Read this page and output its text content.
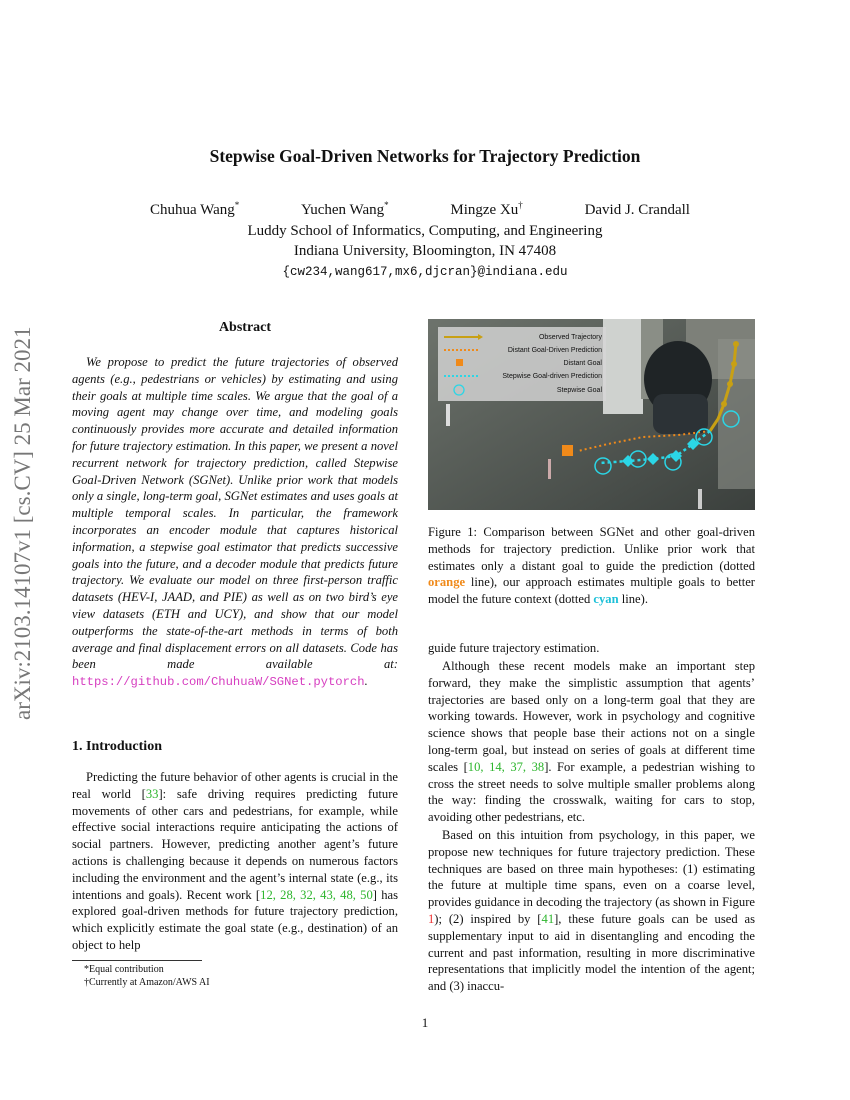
Stepwise Goal-Driven Networks for Trajectory Prediction
Chuhua Wang*	Yuchen Wang*	Mingze Xu†	David J. Crandall
Luddy School of Informatics, Computing, and Engineering
Indiana University, Bloomington, IN 47408
{cw234,wang617,mx6,djcran}@indiana.edu
arXiv:2103.14107v1 [cs.CV] 25 Mar 2021	Abstract
We propose to predict the future trajectories of observed agents (e.g., pedestrians or vehicles) by estimating and using their goals at multiple time scales. We argue that the goal of a moving agent may change over time, and modeling goals continuously provides more accurate and detailed information for future trajectory estimation. In this paper, we present a novel recurrent network for trajectory prediction, called Stepwise Goal-Driven Network (SGNet). Unlike prior work that models only a single, long-term goal, SGNet estimates and uses goals at multiple temporal scales. In particular, the framework incorporates an encoder module that captures historical information, a stepwise goal estimator that predicts successive goals into the future, and a decoder module that predicts future trajectory. We evaluate our model on three first-person traffic datasets (HEV-I, JAAD, and PIE) as well as on two bird’s eye view datasets (ETH and UCY), and show that our model outperforms the state-of-the-art methods in terms of both average and final displacement errors on all datasets. Code has been made available at: https://github.com/ChuhuaW/SGNet.pytorch.
1. Introduction
Predicting the future behavior of other agents is crucial in the real world [33]: safe driving requires predicting future movements of other cars and pedestrians, for example, while effective social interactions require anticipating the actions of social partners. However, predicting another agent’s future actions is challenging because it depends on numerous factors including the environment and the agent’s internal state (e.g., its intentions and goals). Recent work [12, 28, 32, 43, 48, 50] has explored goal-driven methods for future trajectory prediction, which explicitly estimate the goal state (e.g., destination) of an object to help
*Equal contribution
†Currently at Amazon/AWS AI
Observed Trajectory
Distant Goal-Driven Prediction
Distant Goal
Stepwise Goal-driven Prediction
Stepwise Goal
Figure 1: Comparison between SGNet and other goal-driven methods for trajectory prediction. Unlike prior work that estimates only a distant goal to guide the prediction (dotted orange line), our approach estimates multiple goals to better model the future context (dotted cyan line).
guide future trajectory estimation.
Although these recent models make an important step forward, they make the simplistic assumption that agents’ trajectories are based only on a long-term goal that they are working towards. However, work in psychology and cognitive science shows that people base their actions not on a single long-term goal, but instead on series of goals at different time scales [10, 14, 37, 38]. For example, a pedestrian wishing to cross the street needs to solve multiple smaller problems along the way: finding the crosswalk, waiting for cars to stop, avoiding other pedestrians, etc.
Based on this intuition from psychology, in this paper, we propose new techniques for future trajectory prediction. These techniques are based on three main hypotheses: (1) estimating the future at multiple time spans, even on a coarse level, provides guidance in decoding the trajectory (as shown in Figure 1); (2) inspired by [41], these future goals can be used as supplementary input to aid in disentangling and encoding the current and past information, resulting in more discriminative representations that implicitly model the intention of the agent; and (3) inaccu-
1
